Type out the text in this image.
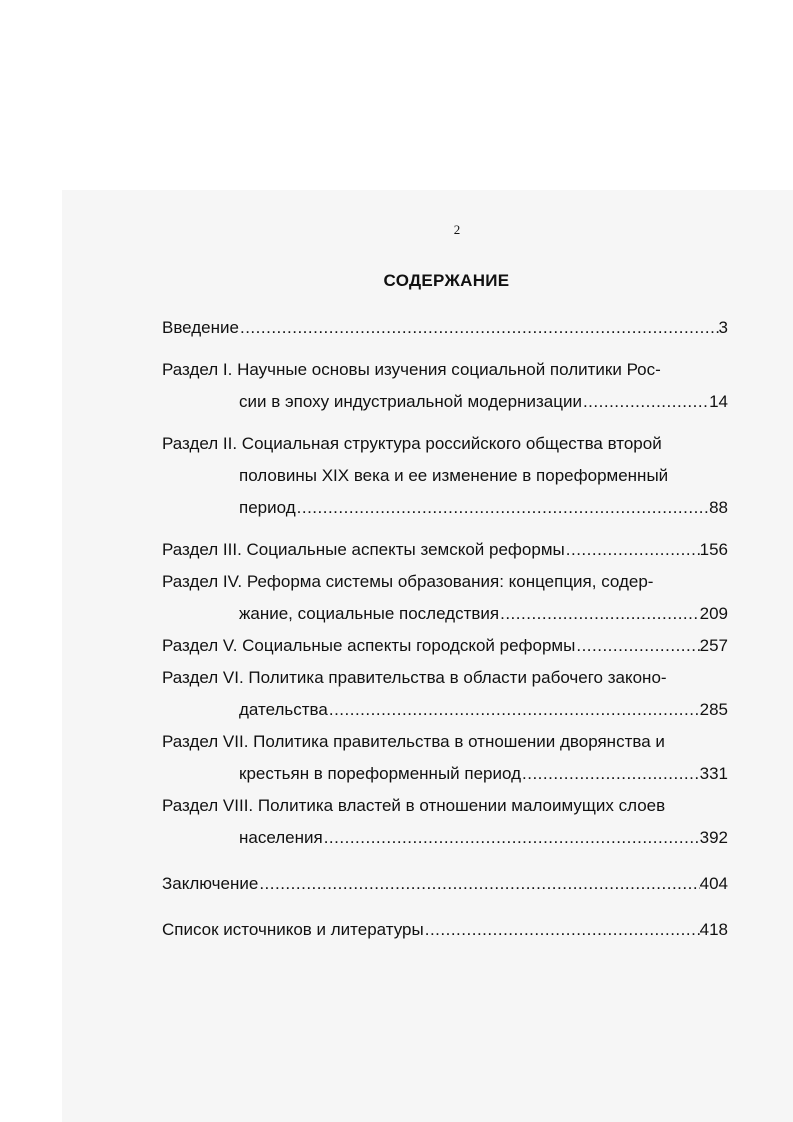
2
СОДЕРЖАНИЕ
Введение .....	3
Раздел I. Научные основы изучения социальной политики Рос-
сии в эпоху индустриальной модернизации .....	14
Раздел II. Социальная структура российского общества второй
половины XIX века и ее изменение в пореформенный
период .....	88
Раздел III. Социальные аспекты земской реформы .....	156
Раздел IV. Реформа системы образования: концепция, содер-
жание, социальные последствия .....	209
Раздел V. Социальные аспекты городской реформы .....	257
Раздел VI. Политика правительства в области рабочего законо-
дательства .....	285
Раздел VII. Политика правительства в отношении дворянства и
крестьян в пореформенный период .....	331
Раздел VIII. Политика властей в отношении малоимущих слоев
населения .....	392
Заключение .....	404
Список источников и литературы .....	418
